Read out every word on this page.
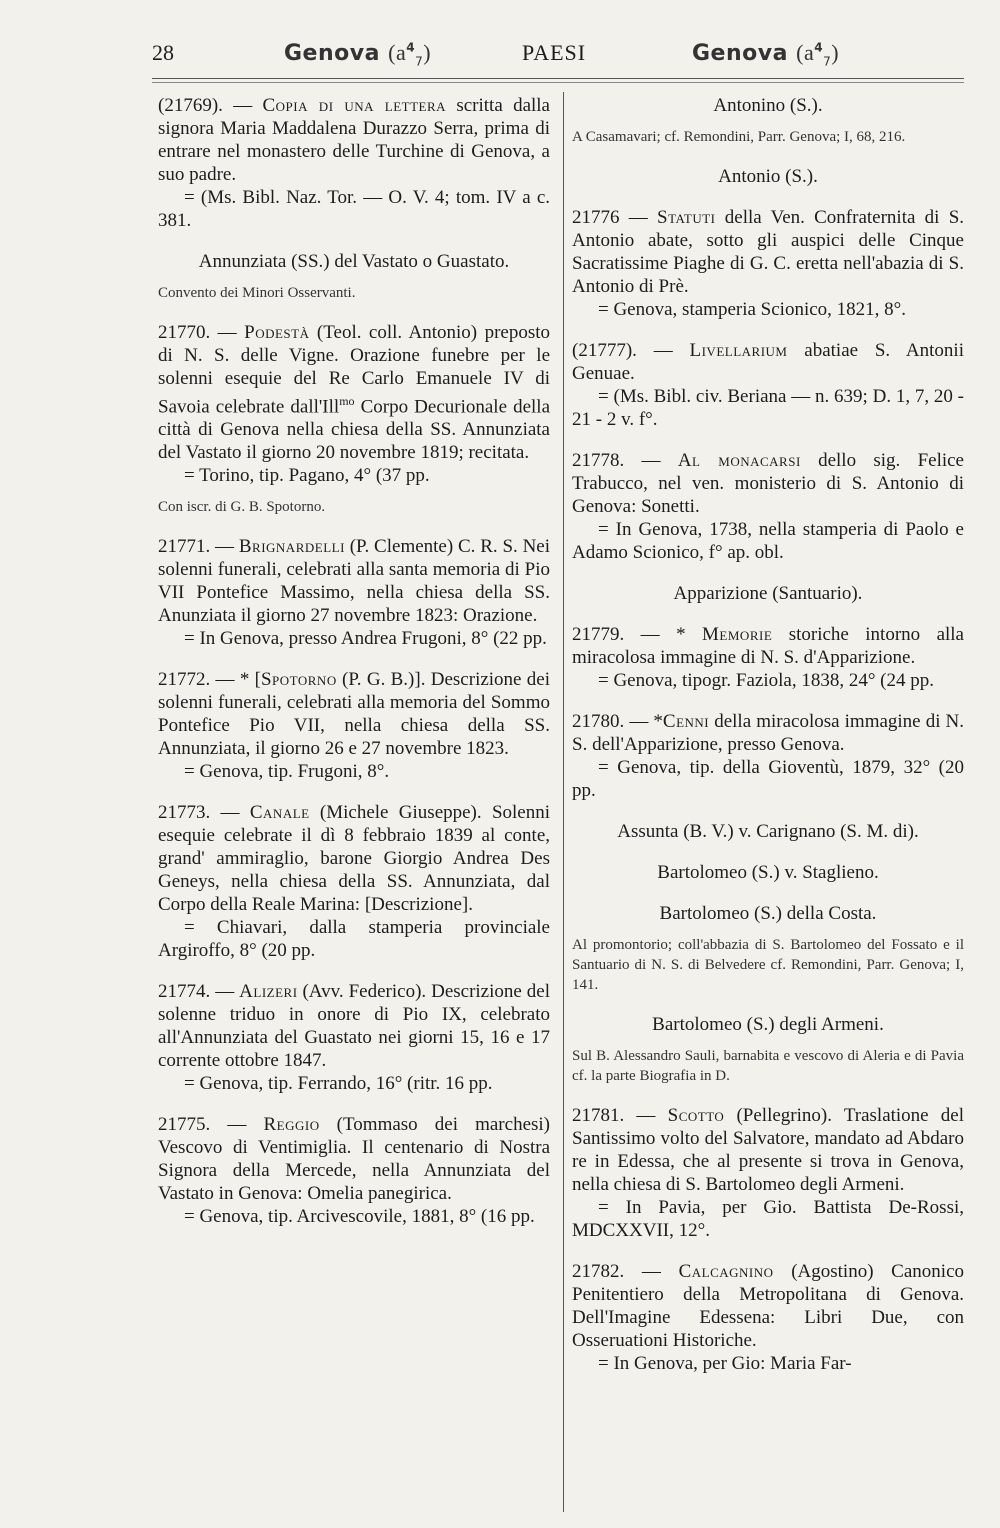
28	Genova $(a^4_7)$	PAESI	Genova $(a^4_7)$

(21769). — Copia di una lettera scritta dalla signora Maria Maddalena Durazzo Serra, prima di entrare nel monastero delle Turchine di Genova, a suo padre.
= (Ms. Bibl. Naz. Tor. — O. V. 4; tom. IV a c. 381.

Annunziata (SS.) del Vastato o Guastato.

Convento dei Minori Osservanti.

21770. — Podestà (Teol. coll. Antonio) preposto di N. S. delle Vigne. Orazione funebre per le solenni esequie del Re Carlo Emanuele IV di Savoia celebrate dall'Ill$^{mo}$ Corpo Decurionale della città di Genova nella chiesa della SS. Annunziata del Vastato il giorno 20 novembre 1819; recitata.
= Torino, tip. Pagano, 4° (37 pp.

Con iscr. di G. B. Spotorno.

21771. — Brignardelli (P. Clemente) C. R. S. Nei solenni funerali, celebrati alla santa memoria di Pio VII Pontefice Massimo, nella chiesa della SS. Anunziata il giorno 27 novembre 1823: Orazione.
= In Genova, presso Andrea Frugoni, 8° (22 pp.

21772. — * [Spotorno (P. G. B.)]. Descrizione dei solenni funerali, celebrati alla memoria del Sommo Pontefice Pio VII, nella chiesa della SS. Annunziata, il giorno 26 e 27 novembre 1823.
= Genova, tip. Frugoni, 8°.

21773. — Canale (Michele Giuseppe). Solenni esequie celebrate il dì 8 febbraio 1839 al conte, grand' ammiraglio, barone Giorgio Andrea Des Geneys, nella chiesa della SS. Annunziata, dal Corpo della Reale Marina: [Descrizione].
= Chiavari, dalla stamperia provinciale Argiroffo, 8° (20 pp.

21774. — Alizeri (Avv. Federico). Descrizione del solenne triduo in onore di Pio IX, celebrato all'Annunziata del Guastato nei giorni 15, 16 e 17 corrente ottobre 1847.
= Genova, tip. Ferrando, 16° (ritr. 16 pp.

21775. — Reggio (Tommaso dei marchesi) Vescovo di Ventimiglia. Il centenario di Nostra Signora della Mercede, nella Annunziata del Vastato in Genova: Omelia panegirica.
= Genova, tip. Arcivescovile, 1881, 8° (16 pp.

Antonino (S.).

A Casamavari; cf. Remondini, Parr. Genova; I, 68, 216.

Antonio (S.).

21776 — Statuti della Ven. Confraternita di S. Antonio abate, sotto gli auspici delle Cinque Sacratissime Piaghe di G. C. eretta nell'abazia di S. Antonio di Prè.
= Genova, stamperia Scionico, 1821, 8°.

(21777). — Livellarium abatiae S. Antonii Genuae.
= (Ms. Bibl. civ. Beriana — n. 639; D. 1, 7, 20 - 21 - 2 v. f°.

21778. — Al monacarsi dello sig. Felice Trabucco, nel ven. monisterio di S. Antonio di Genova: Sonetti.
= In Genova, 1738, nella stamperia di Paolo e Adamo Scionico, f° ap. obl.

Apparizione (Santuario).

21779. — * Memorie storiche intorno alla miracolosa immagine di N. S. d'Apparizione.
= Genova, tipogr. Faziola, 1838, 24° (24 pp.

21780. — *Cenni della miracolosa immagine di N. S. dell'Apparizione, presso Genova.
= Genova, tip. della Gioventù, 1879, 32° (20 pp.

Assunta (B. V.) v. Carignano (S. M. di).

Bartolomeo (S.) v. Staglieno.

Bartolomeo (S.) della Costa.

Al promontorio; coll'abbazia di S. Bartolomeo del Fossato e il Santuario di N. S. di Belvedere cf. Remondini, Parr. Genova; I, 141.

Bartolomeo (S.) degli Armeni.

Sul B. Alessandro Sauli, barnabita e vescovo di Aleria e di Pavia cf. la parte Biografia in D.

21781. — Scotto (Pellegrino). Traslatione del Santissimo volto del Salvatore, mandato ad Abdaro re in Edessa, che al presente si trova in Genova, nella chiesa di S. Bartolomeo degli Armeni.
= In Pavia, per Gio. Battista De-Rossi, MDCXXVII, 12°.

21782. — Calcagnino (Agostino) Canonico Penitentiero della Metropolitana di Genova. Dell'Imagine Edessena: Libri Due, con Osseruationi Historiche.
= In Genova, per Gio: Maria Far-
